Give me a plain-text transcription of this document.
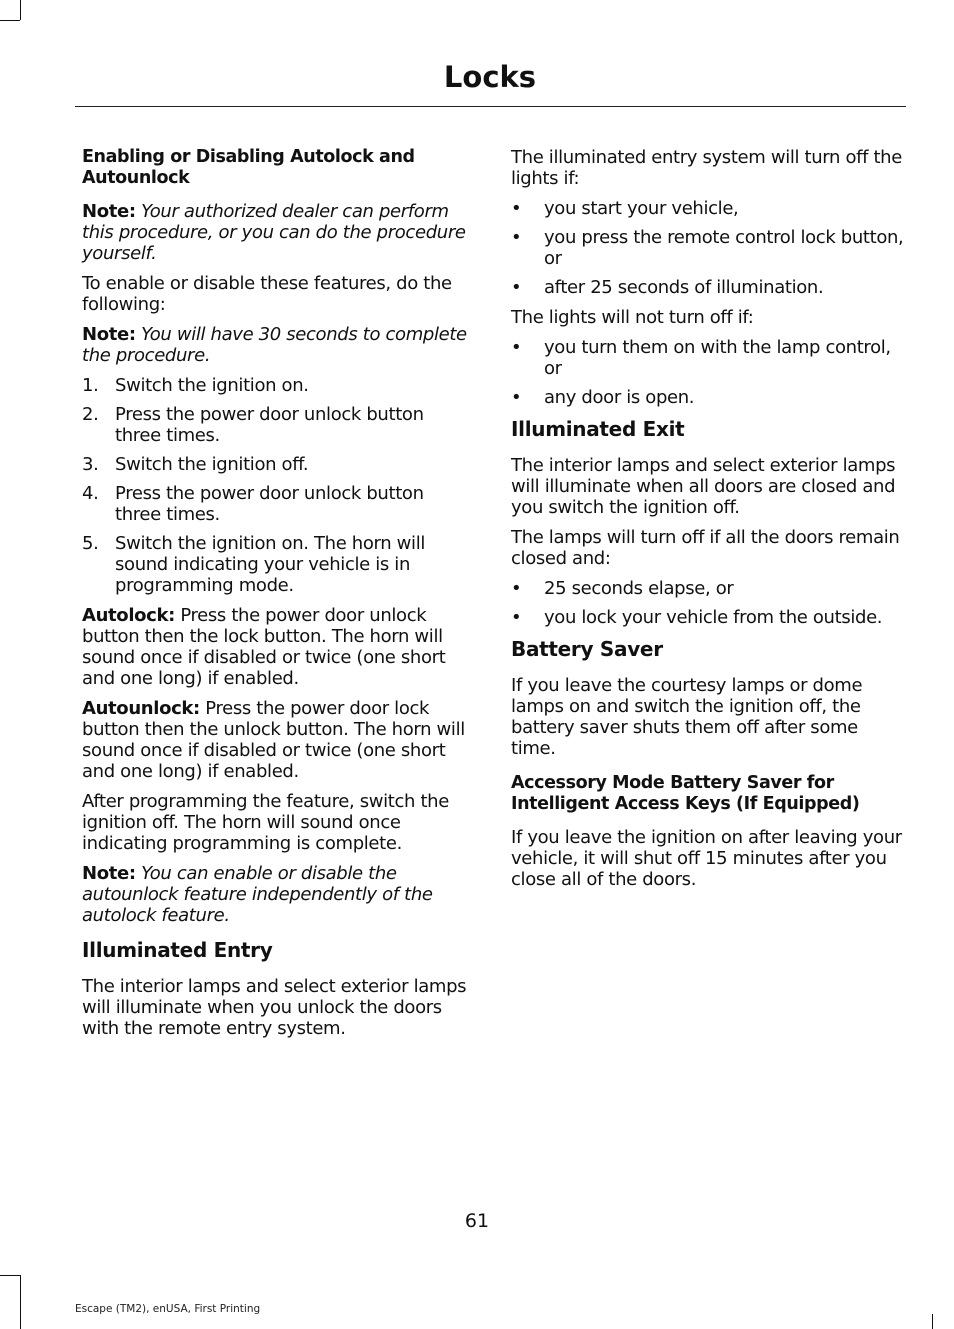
Locks
Enabling or Disabling Autolock and Autounlock

Note: Your authorized dealer can perform this procedure, or you can do the procedure yourself.

To enable or disable these features, do the following:

Note: You will have 30 seconds to complete the procedure.

1. Switch the ignition on.
2. Press the power door unlock button three times.
3. Switch the ignition off.
4. Press the power door unlock button three times.
5. Switch the ignition on. The horn will sound indicating your vehicle is in programming mode.

Autolock: Press the power door unlock button then the lock button. The horn will sound once if disabled or twice (one short and one long) if enabled.

Autounlock: Press the power door lock button then the unlock button. The horn will sound once if disabled or twice (one short and one long) if enabled.

After programming the feature, switch the ignition off. The horn will sound once indicating programming is complete.

Note: You can enable or disable the autounlock feature independently of the autolock feature.

Illuminated Entry

The interior lamps and select exterior lamps will illuminate when you unlock the doors with the remote entry system.

The illuminated entry system will turn off the lights if:

• you start your vehicle,
• you press the remote control lock button, or
• after 25 seconds of illumination.

The lights will not turn off if:

• you turn them on with the lamp control, or
• any door is open.
Illuminated Exit

The interior lamps and select exterior lamps will illuminate when all doors are closed and you switch the ignition off.

The lamps will turn off if all the doors remain closed and:

• 25 seconds elapse, or
• you lock your vehicle from the outside.
Battery Saver

If you leave the courtesy lamps or dome lamps on and switch the ignition off, the battery saver shuts them off after some time.

Accessory Mode Battery Saver for Intelligent Access Keys (If Equipped)

If you leave the ignition on after leaving your vehicle, it will shut off 15 minutes after you close all of the doors.

61
Escape (TM2), enUSA, First Printing
